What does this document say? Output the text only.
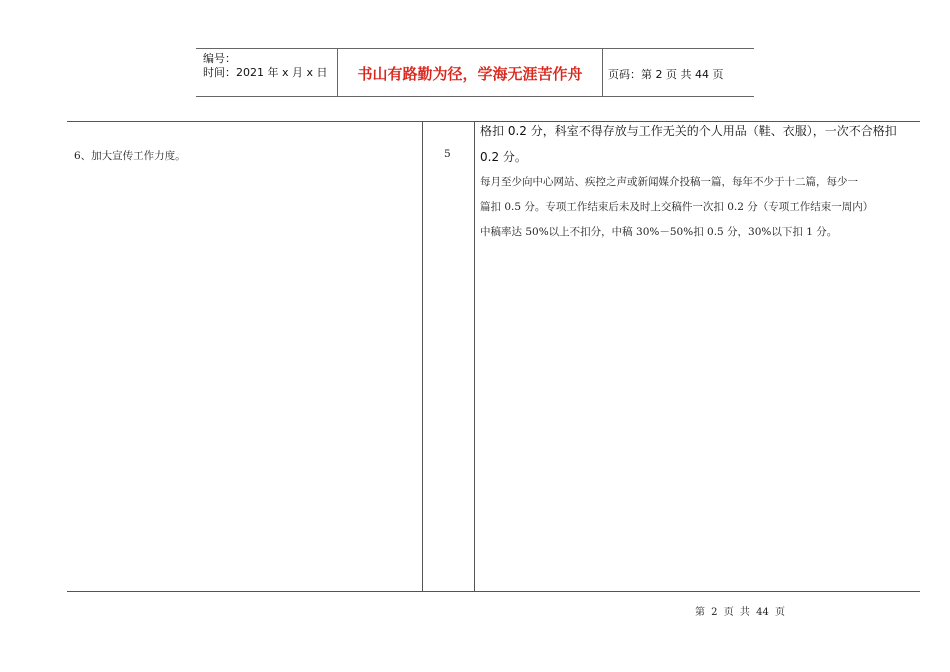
编号：
时间：2021 年 x 月 x 日	书山有路勤为径，学海无涯苦作舟	页码：第 2 页 共 44 页
6、加大宣传工作力度。	5

格扣 0.2 分，科室不得存放与工作无关的个人用品（鞋、衣服），一次不合格扣

0.2 分。

每月至少向中心网站、疾控之声或新闻媒介投稿一篇，每年不少于十二篇，每少一

篇扣 0.5 分。专项工作结束后未及时上交稿件一次扣 0.2 分（专项工作结束一周内）

中稿率达 50%以上不扣分，中稿 30%－50%扣 0.5 分，30%以下扣 1 分。

第 2 页 共 44 页
